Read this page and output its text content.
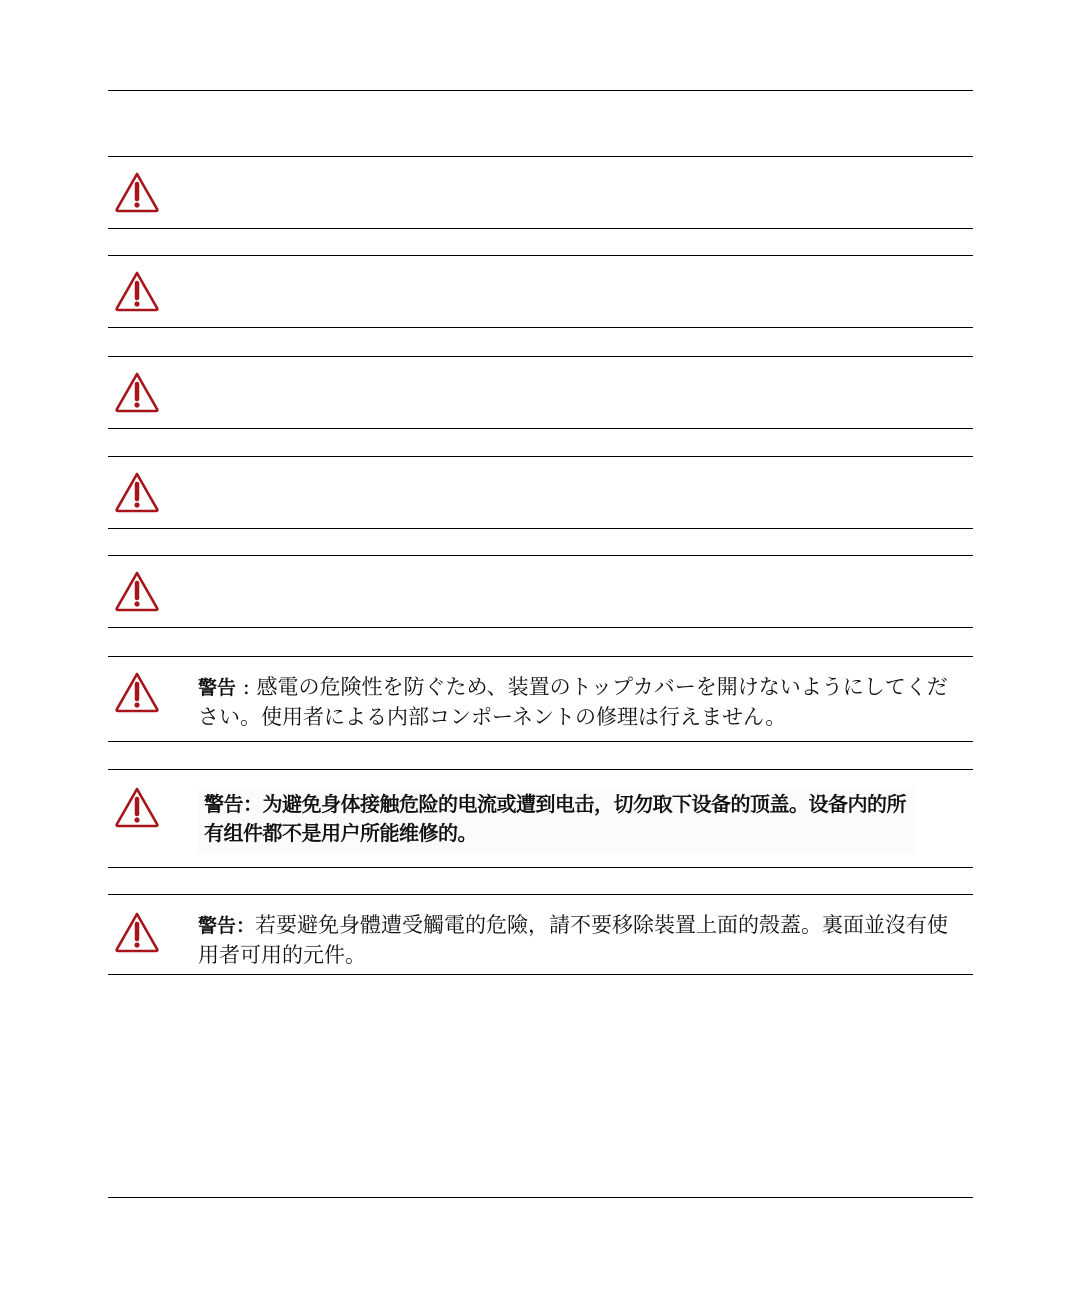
警告 : 感電の危険性を防ぐため、装置のトップカバーを開けないようにしてください。使用者による内部コンポーネントの修理は行えません。
警告：为避免身体接触危险的电流或遭到电击，切勿取下设备的顶盖。设备内的所有组件都不是用户所能维修的。
警告：若要避免身體遭受觸電的危險，請不要移除裝置上面的殼蓋。裏面並沒有使用者可用的元件。
